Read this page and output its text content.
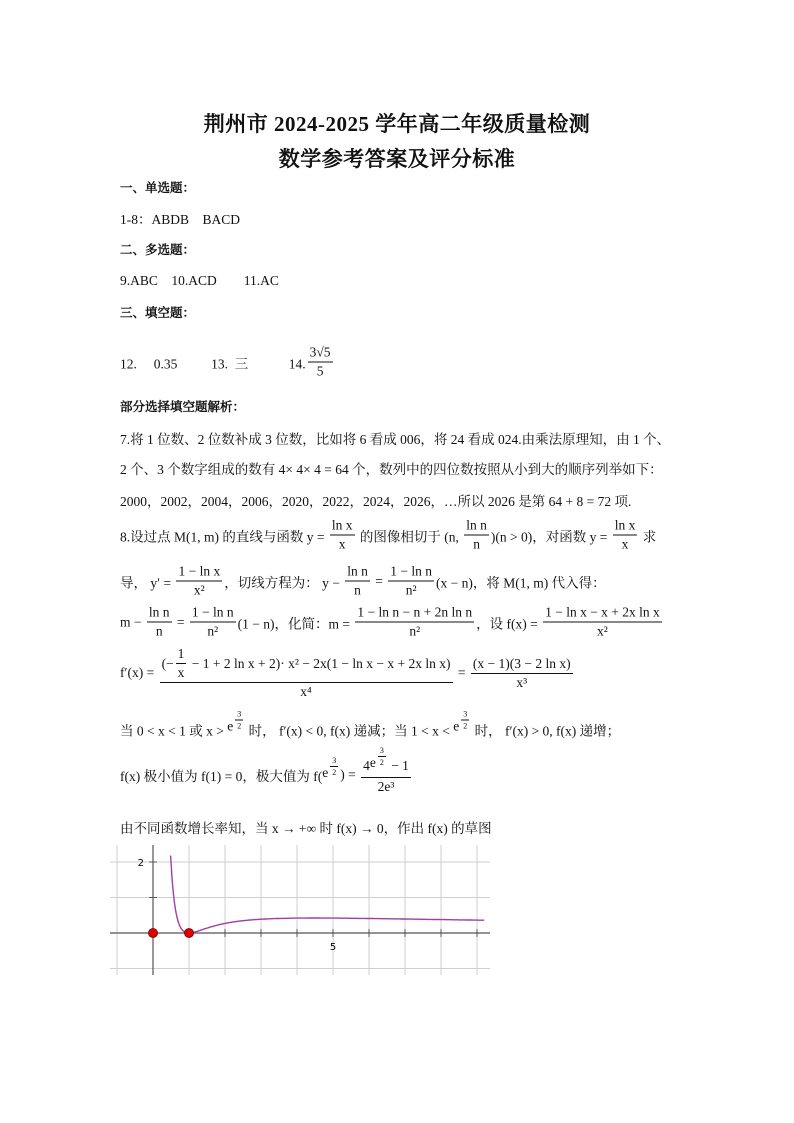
荆州市 2024-2025 学年高二年级质量检测
数学参考答案及评分标准
一、单选题：
1-8：ABDB    BACD
二、多选题：
9.ABC    10.ACD        11.AC
三、填空题：
部分选择填空题解析：
12.     0.35          13.  三            14. $\frac{3√5}{5}$
7.将 1 位数、2 位数补成 3 位数，比如将 6 看成 006，将 24 看成 024.由乘法原理知，由 1 个、
2 个、3 个数字组成的数有 4× 4× 4 = 64 个，数列中的四位数按照从小到大的顺序列举如下：
2000，2002，2004，2006，2020，2022，2024，2026，…所以 2026 是第 64 + 8 = 72 项.
8.设过点 M(1, m) 的直线与函数 $y = \frac{\text{ln x}}{x}$ 的图像相切于 (n, $\frac{\text{ln n}}{n} )(n > 0)$，对函数 $y = \frac{\text{ln x}}{x}$ 求
导， $y' = \frac{\text{1 − ln x}}{\text{x²}}$ ，切线方程为： $y - \frac{\text{ln n}}{n} = \frac{\text{1 − ln n}}{\text{n²}} (x - n)$，将 M(1, m) 代入得：
$m - \frac{\text{ln n}}{n} = \frac{\text{1 − ln n}}{\text{n²}} (1 - n)$，化简：$m = \frac{\text{1 − ln n − n + 2n ln n}}{\text{n²}}$ ，设 $f(x) = \frac{\text{1 − ln x − x + 2x ln x}}{\text{x²}}$
$f'(x) = \frac{(- \frac{1}{x} - 1 + 2 \ln x + 2)\cdot x^2 - 2x(1 - \ln x - x + 2x \ln x)}{\text{x⁴}} = \frac{\text{(x − 1)(3 − 2 ln x)}}{\text{x³}}$
当 0 < x < 1 或 x > e $\frac{3}{2}$ 时， f′(x) < 0, f(x) 递减；当 1 < x < e $\frac{3}{2}$ 时， f′(x) > 0, f(x) 递增；
f(x) 极小值为 f(1) = 0，极大值为 f( e $\frac{3}{2}$ ) = $\frac{4 e \frac{3}{2} - 1}{\text{2e³}}$
由不同函数增长率知，当 x → +∞ 时 f(x) → 0，作出 f(x) 的草图
5
2
